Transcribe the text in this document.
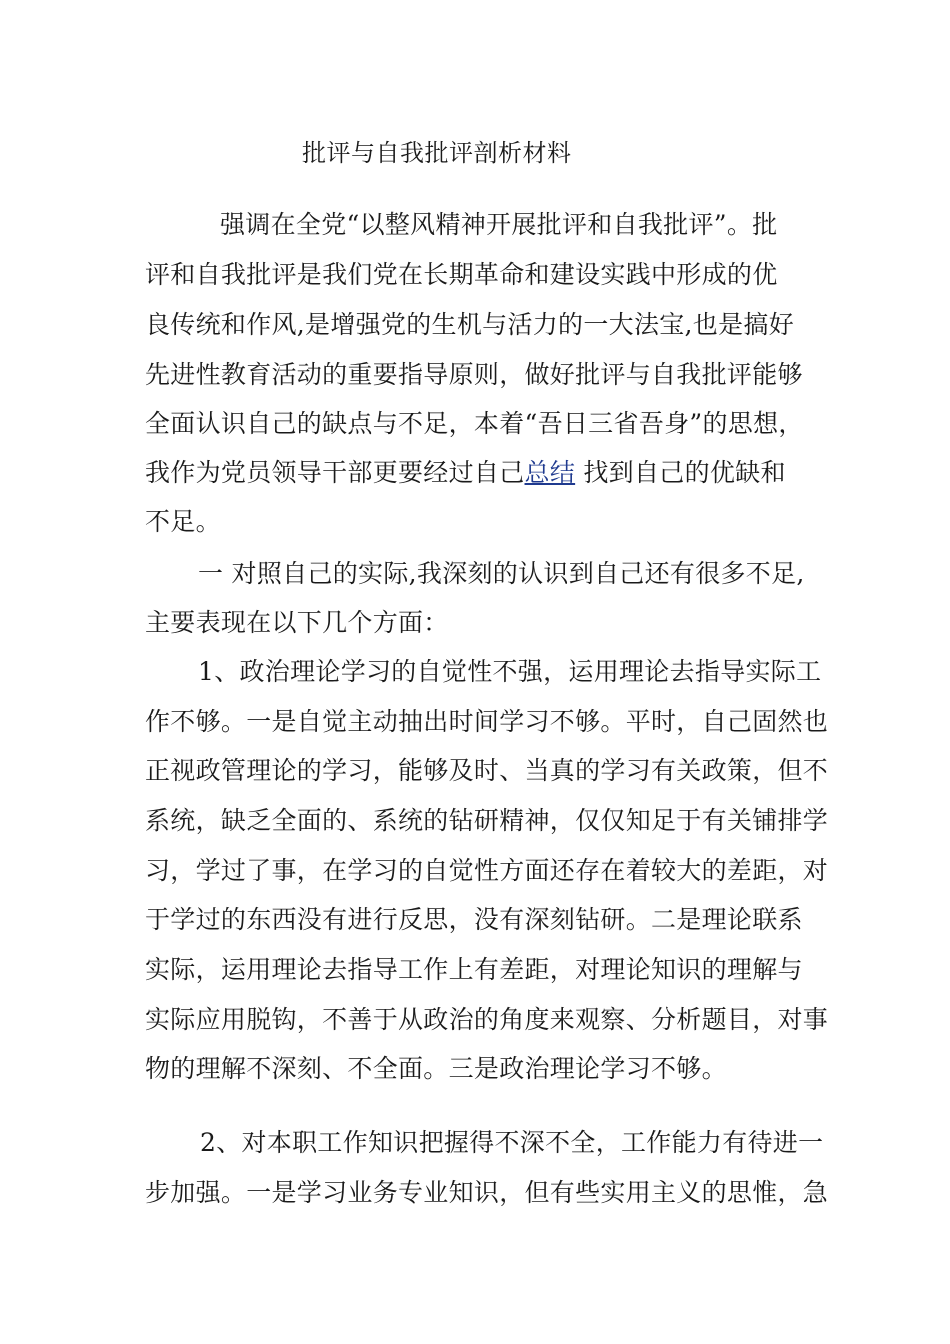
批评与自我批评剖析材料
强调在全党“以整风精神开展批评和自我批评”。批
评和自我批评是我们党在长期革命和建设实践中形成的优
良传统和作风,是增强党的生机与活力的一大法宝,也是搞好
先进性教育活动的重要指导原则，做好批评与自我批评能够
全面认识自己的缺点与不足，本着“吾日三省吾身”的思想，
我作为党员领导干部更要经过自己总结 找到自己的优缺和
不足。
一 对照自己的实际,我深刻的认识到自己还有很多不足,
主要表现在以下几个方面：
1、政治理论学习的自觉性不强，运用理论去指导实际工
作不够。一是自觉主动抽出时间学习不够。平时，自己固然也
正视政管理论的学习，能够及时、当真的学习有关政策，但不
系统，缺乏全面的、系统的钻研精神，仅仅知足于有关铺排学
习，学过了事，在学习的自觉性方面还存在着较大的差距，对
于学过的东西没有进行反思，没有深刻钻研。二是理论联系
实际，运用理论去指导工作上有差距，对理论知识的理解与
实际应用脱钩，不善于从政治的角度来观察、分析题目，对事
物的理解不深刻、不全面。三是政治理论学习不够。
2、对本职工作知识把握得不深不全，工作能力有待进一
步加强。一是学习业务专业知识，但有些实用主义的思惟，急
